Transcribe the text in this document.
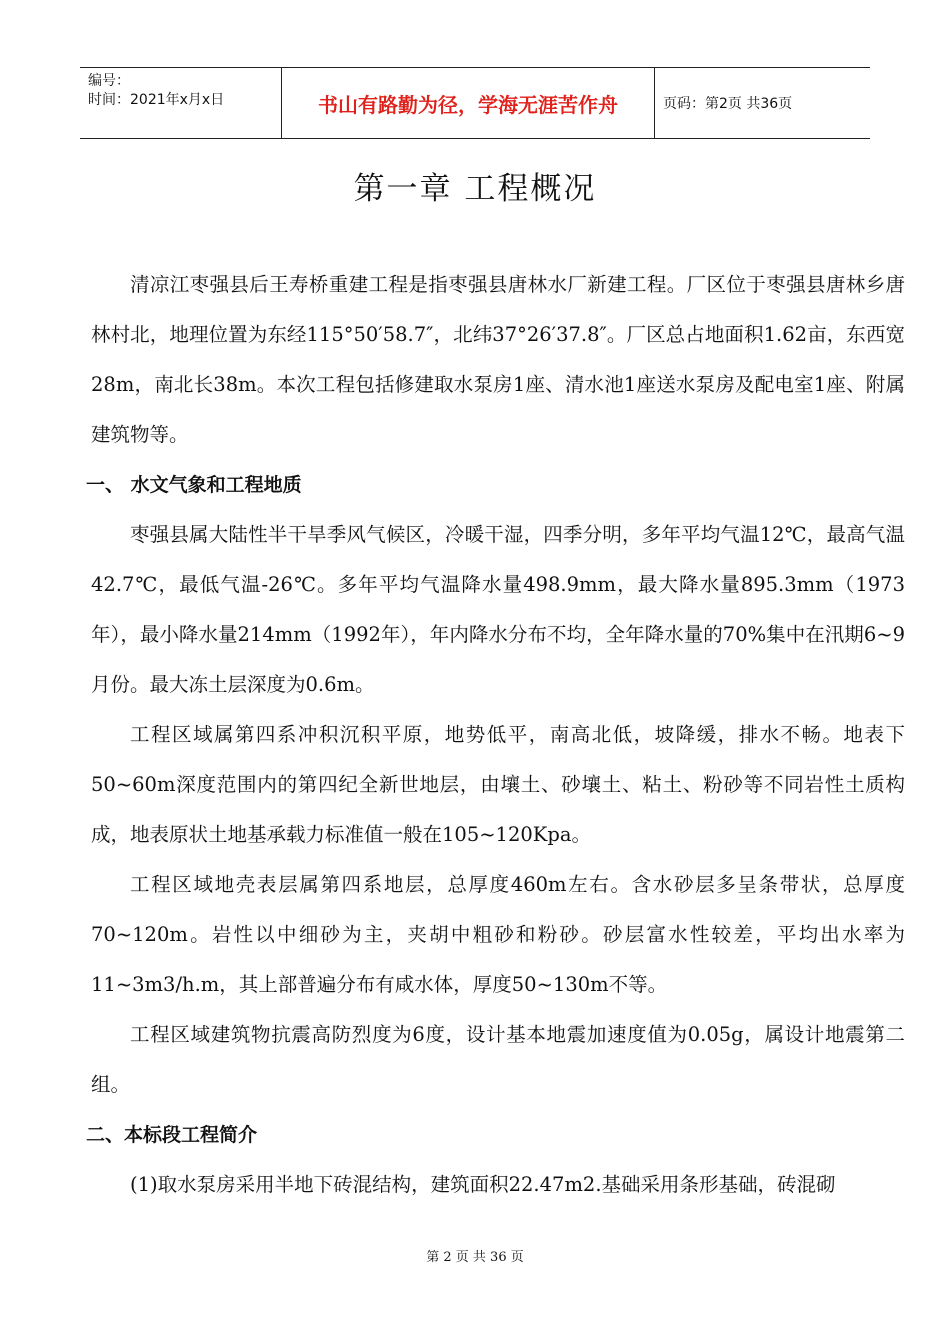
编号：
时间：2021年x月x日	书山有路勤为径，学海无涯苦作舟	页码：第2页 共36页
第一章 工程概况

清凉江枣强县后王寿桥重建工程是指枣强县唐林水厂新建工程。厂区位于枣强县唐林乡唐林村北，地理位置为东经115°50′58.7″，北纬37°26′37.8″。厂区总占地面积1.62亩，东西宽28m，南北长38m。本次工程包括修建取水泵房1座、清水池1座送水泵房及配电室1座、附属建筑物等。

一、 水文气象和工程地质

枣强县属大陆性半干旱季风气候区，冷暖干湿，四季分明，多年平均气温12℃，最高气温42.7℃，最低气温-26℃。多年平均气温降水量498.9mm，最大降水量895.3mm（1973年），最小降水量214mm（1992年），年内降水分布不均，全年降水量的70%集中在汛期6~9月份。最大冻土层深度为0.6m。

工程区域属第四系冲积沉积平原，地势低平，南高北低，坡降缓，排水不畅。地表下50~60m深度范围内的第四纪全新世地层，由壤土、砂壤土、粘土、粉砂等不同岩性土质构成，地表原状土地基承载力标准值一般在105~120Kpa。

工程区域地壳表层属第四系地层，总厚度460m左右。含水砂层多呈条带状，总厚度70~120m。岩性以中细砂为主，夹胡中粗砂和粉砂。砂层富水性较差，平均出水率为11~3m3/h.m，其上部普遍分布有咸水体，厚度50~130m不等。

工程区域建筑物抗震高防烈度为6度，设计基本地震加速度值为0.05g，属设计地震第二组。

二、本标段工程简介

(1)取水泵房采用半地下砖混结构，建筑面积22.47m2.基础采用条形基础，砖混砌

第 2 页 共 36 页
